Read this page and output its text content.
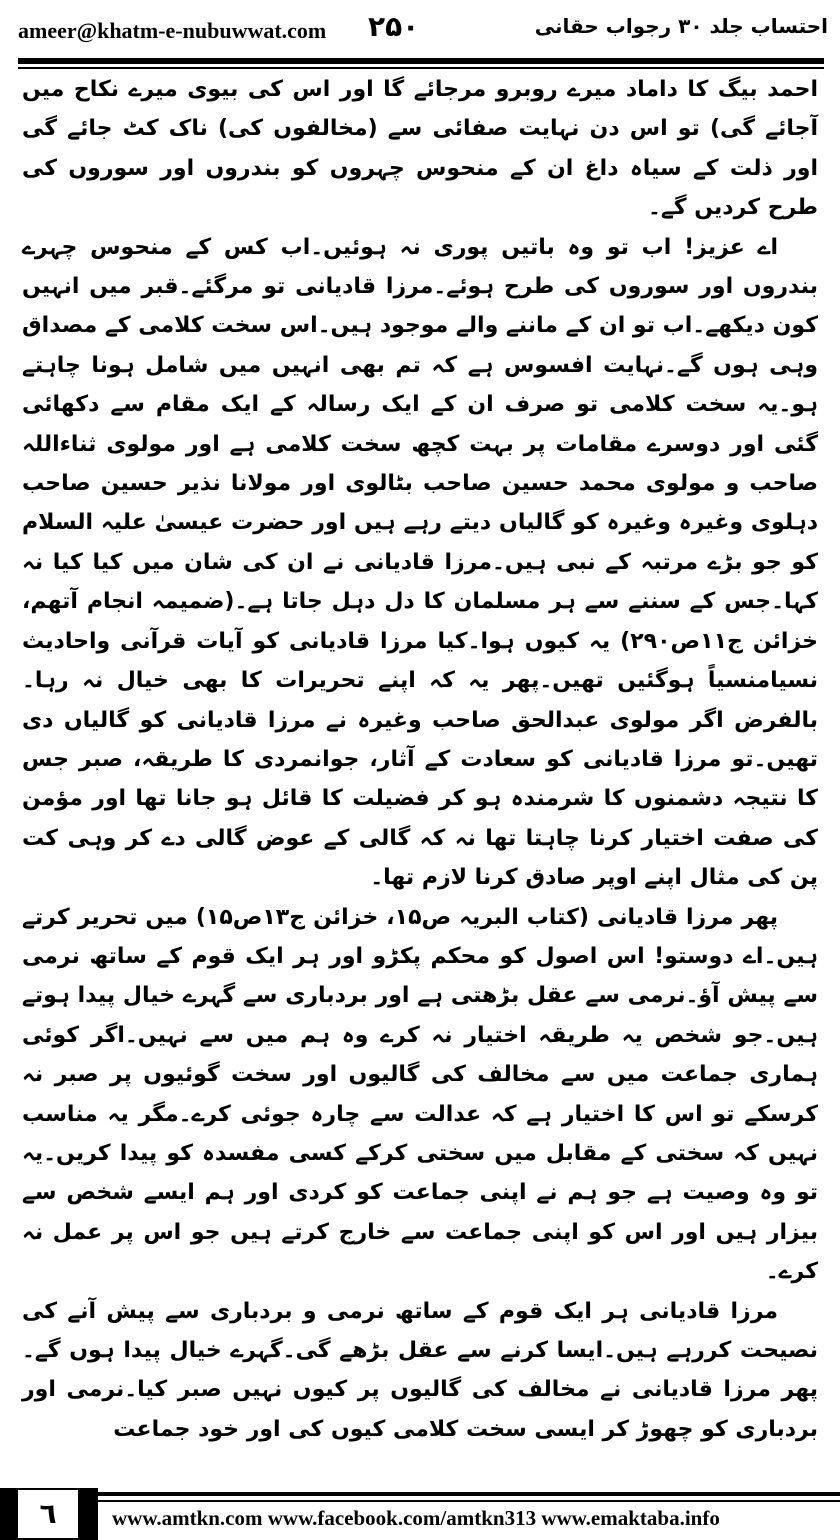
ameer@khatm-e-nubuwwat.com ۲۵۰	احتساب جلد ۳۰ رجواب حقانی

احمد بیگ کا داماد میرے روبرو مرجائے گا اور اس کی بیوی میرے نکاح میں آجائے گی) تو اس دن نہایت صفائی سے (مخالفوں کی) ناک کٹ جائے گی اور ذلت کے سیاہ داغ ان کے منحوس چہروں کو بندروں اور سوروں کی طرح کردیں گے۔

اے عزیز! اب تو وہ باتیں پوری نہ ہوئیں۔اب کس کے منحوس چہرے بندروں اور سوروں کی طرح ہوئے۔مرزا قادیانی تو مرگئے۔قبر میں انہیں کون دیکھے۔اب تو ان کے ماننے والے موجود ہیں۔اس سخت کلامی کے مصداق وہی ہوں گے۔نہایت افسوس ہے کہ تم بھی انہیں میں شامل ہونا چاہتے ہو۔یہ سخت کلامی تو صرف ان کے ایک رسالہ کے ایک مقام سے دکھائی گئی اور دوسرے مقامات پر بہت کچھ سخت کلامی ہے اور مولوی ثناءاللہ صاحب و مولوی محمد حسین صاحب بٹالوی اور مولانا نذیر حسین صاحب دہلوی وغیرہ وغیرہ کو گالیاں دیتے رہے ہیں اور حضرت عیسیٰ علیہ السلام کو جو بڑے مرتبہ کے نبی ہیں۔مرزا قادیانی نے ان کی شان میں کیا کیا نہ کہا۔جس کے سننے سے ہر مسلمان کا دل دہل جاتا ہے۔(ضمیمہ انجام آتھم، خزائن ج۱۱ص۲۹۰) یہ کیوں ہوا۔کیا مرزا قادیانی کو آیات قرآنی واحادیث نسیامنسیاً ہوگئیں تھیں۔پھر یہ کہ اپنے تحریرات کا بھی خیال نہ رہا۔بالفرض اگر مولوی عبدالحق صاحب وغیرہ نے مرزا قادیانی کو گالیاں دی تھیں۔تو مرزا قادیانی کو سعادت کے آثار، جوانمردی کا طریقہ، صبر جس کا نتیجہ دشمنوں کا شرمندہ ہو کر فضیلت کا قائل ہو جانا تھا اور مؤمن کی صفت اختیار کرنا چاہتا تھا نہ کہ گالی کے عوض گالی دے کر وہی کت پن کی مثال اپنے اوپر صادق کرنا لازم تھا۔

پھر مرزا قادیانی (کتاب البریہ ص۱۵، خزائن ج۱۳ص۱۵) میں تحریر کرتے ہیں۔اے دوستو! اس اصول کو محکم پکڑو اور ہر ایک قوم کے ساتھ نرمی سے پیش آؤ۔نرمی سے عقل بڑھتی ہے اور بردباری سے گہرے خیال پیدا ہوتے ہیں۔جو شخص یہ طریقہ اختیار نہ کرے وہ ہم میں سے نہیں۔اگر کوئی ہماری جماعت میں سے مخالف کی گالیوں اور سخت گوئیوں پر صبر نہ کرسکے تو اس کا اختیار ہے کہ عدالت سے چارہ جوئی کرے۔مگر یہ مناسب نہیں کہ سختی کے مقابل میں سختی کرکے کسی مفسدہ کو پیدا کریں۔یہ تو وہ وصیت ہے جو ہم نے اپنی جماعت کو کردی اور ہم ایسے شخص سے بیزار ہیں اور اس کو اپنی جماعت سے خارج کرتے ہیں جو اس پر عمل نہ کرے۔

مرزا قادیانی ہر ایک قوم کے ساتھ نرمی و بردباری سے پیش آنے کی نصیحت کررہے ہیں۔ایسا کرنے سے عقل بڑھے گی۔گہرے خیال پیدا ہوں گے۔پھر مرزا قادیانی نے مخالف کی گالیوں پر کیوں نہیں صبر کیا۔نرمی اور بردباری کو چھوڑ کر ایسی سخت کلامی کیوں کی اور خود جماعت

٦	www.amtkn.com www.facebook.com/amtkn313 www.emaktaba.info
